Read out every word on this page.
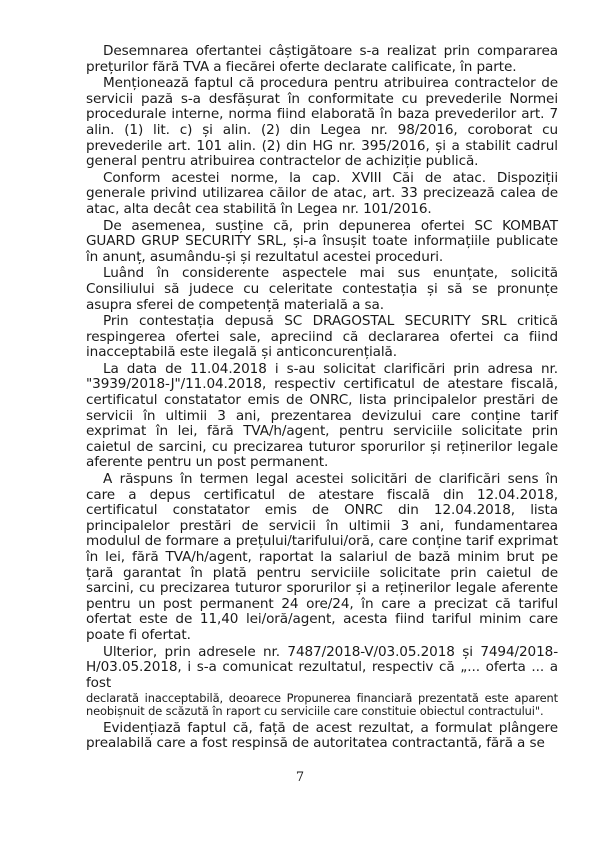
Desemnarea ofertantei câștigătoare s-a realizat prin compararea prețurilor fără TVA a fiecărei oferte declarate calificate, în parte.

Menționează faptul că procedura pentru atribuirea contractelor de servicii pază s-a desfășurat în conformitate cu prevederile Normei procedurale interne, norma fiind elaborată în baza prevederilor art. 7 alin. (1) lit. c) și alin. (2) din Legea nr. 98/2016, coroborat cu prevederile art. 101 alin. (2) din HG nr. 395/2016, și a stabilit cadrul general pentru atribuirea contractelor de achiziție publică.

Conform acestei norme, la cap. XVIII Căi de atac. Dispoziții generale privind utilizarea căilor de atac, art. 33 precizează calea de atac, alta decât cea stabilită în Legea nr. 101/2016.

De asemenea, susține că, prin depunerea ofertei SC KOMBAT GUARD GRUP SECURITY SRL, și-a însușit toate informațiile publicate în anunț, asumându-și și rezultatul acestei proceduri.

Luând în considerente aspectele mai sus enunțate, solicită Consiliului să judece cu celeritate contestația și să se pronunțe asupra sferei de competență materială a sa.

Prin contestația depusă SC DRAGOSTAL SECURITY SRL critică respingerea ofertei sale, apreciind că declararea ofertei ca fiind inacceptabilă este ilegală și anticoncurențială.

La data de 11.04.2018 i s-au solicitat clarificări prin adresa nr. "3939/2018-J"/11.04.2018, respectiv certificatul de atestare fiscală, certificatul constatator emis de ONRC, lista principalelor prestări de servicii în ultimii 3 ani, prezentarea devizului care conține tarif exprimat în lei, fără TVA/h/agent, pentru serviciile solicitate prin caietul de sarcini, cu precizarea tuturor sporurilor și reținerilor legale aferente pentru un post permanent.

A răspuns în termen legal acestei solicitări de clarificări sens în care a depus certificatul de atestare fiscală din 12.04.2018, certificatul constatator emis de ONRC din 12.04.2018, lista principalelor prestări de servicii în ultimii 3 ani, fundamentarea modulul de formare a prețului/tarifului/oră, care conține tarif exprimat în lei, fără TVA/h/agent, raportat la salariul de bază minim brut pe țară garantat în plată pentru serviciile solicitate prin caietul de sarcini, cu precizarea tuturor sporurilor și a reținerilor legale aferente pentru un post permanent 24 ore/24, în care a precizat că tariful ofertat este de 11,40 lei/oră/agent, acesta fiind tariful minim care poate fi ofertat.

Ulterior, prin adresele nr. 7487/2018-V/03.05.2018 și 7494/2018-H/03.05.2018, i s-a comunicat rezultatul, respectiv că „... oferta ... a fost

declarată inacceptabilă, deoarece Propunerea financiară prezentată este aparent neobișnuit de scăzută în raport cu serviciile care constituie obiectul contractului".

Evidențiază faptul că, față de acest rezultat, a formulat plângere prealabilă care a fost respinsă de autoritatea contractantă, fără a se

7
